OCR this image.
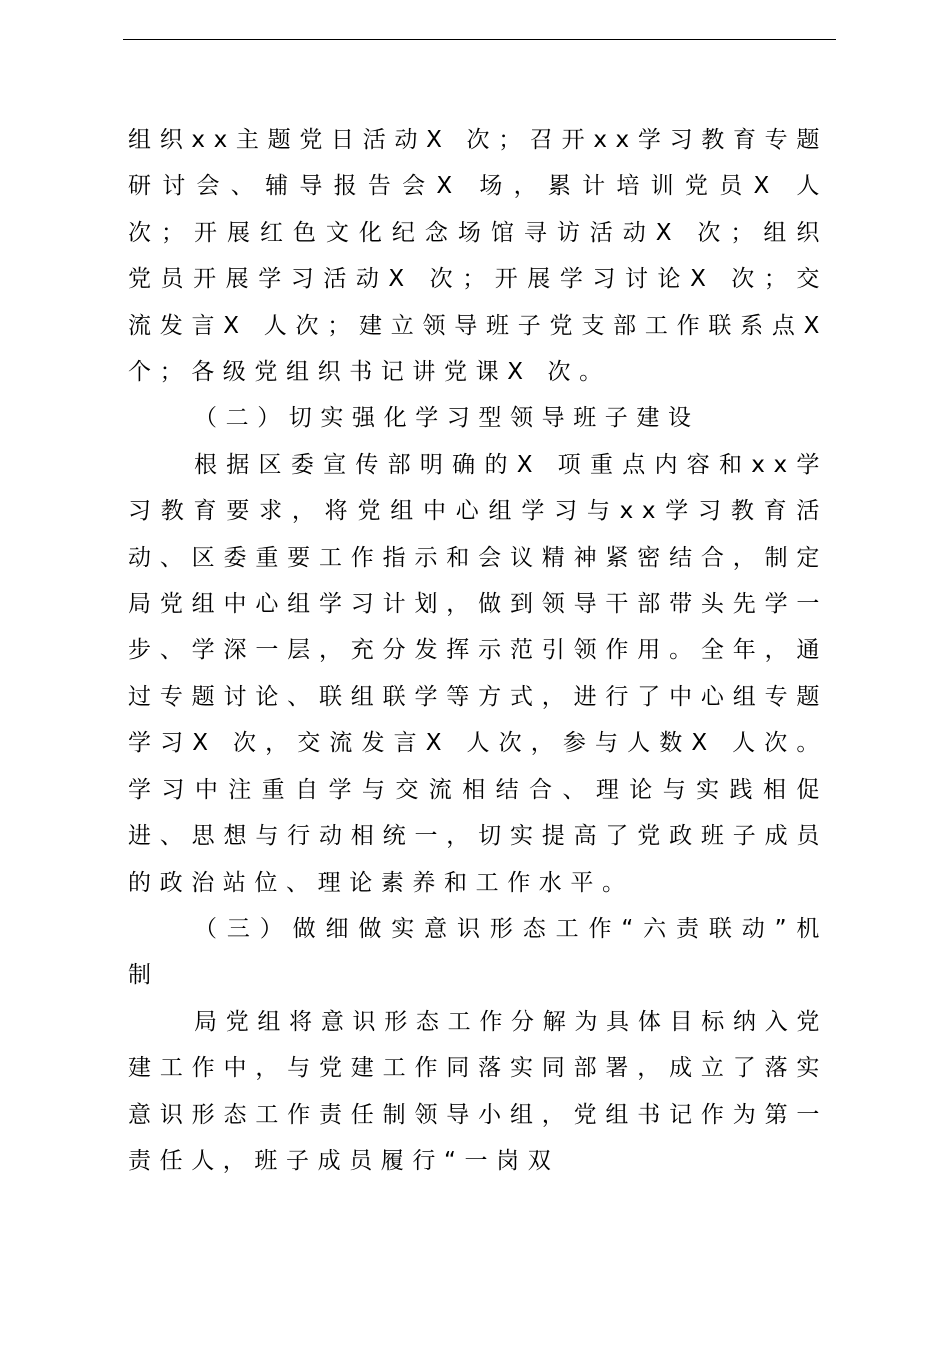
组织xx主题党日活动X 次；召开xx学习教育专题研讨会、辅导报告会X 场，累计培训党员X 人次；开展红色文化纪念场馆寻访活动X 次；组织党员开展学习活动X 次；开展学习讨论X 次；交流发言X 人次；建立领导班子党支部工作联系点X 个；各级党组织书记讲党课X 次。

（二）切实强化学习型领导班子建设

根据区委宣传部明确的X 项重点内容和xx学习教育要求，将党组中心组学习与xx学习教育活动、区委重要工作指示和会议精神紧密结合，制定局党组中心组学习计划，做到领导干部带头先学一步、学深一层，充分发挥示范引领作用。全年，通过专题讨论、联组联学等方式，进行了中心组专题学习X 次，交流发言X 人次，参与人数X 人次。学习中注重自学与交流相结合、理论与实践相促进、思想与行动相统一，切实提高了党政班子成员的政治站位、理论素养和工作水平。

（三）做细做实意识形态工作“六责联动”机制

局党组将意识形态工作分解为具体目标纳入党建工作中，与党建工作同落实同部署，成立了落实意识形态工作责任制领导小组，党组书记作为第一责任人，班子成员履行“一岗双
